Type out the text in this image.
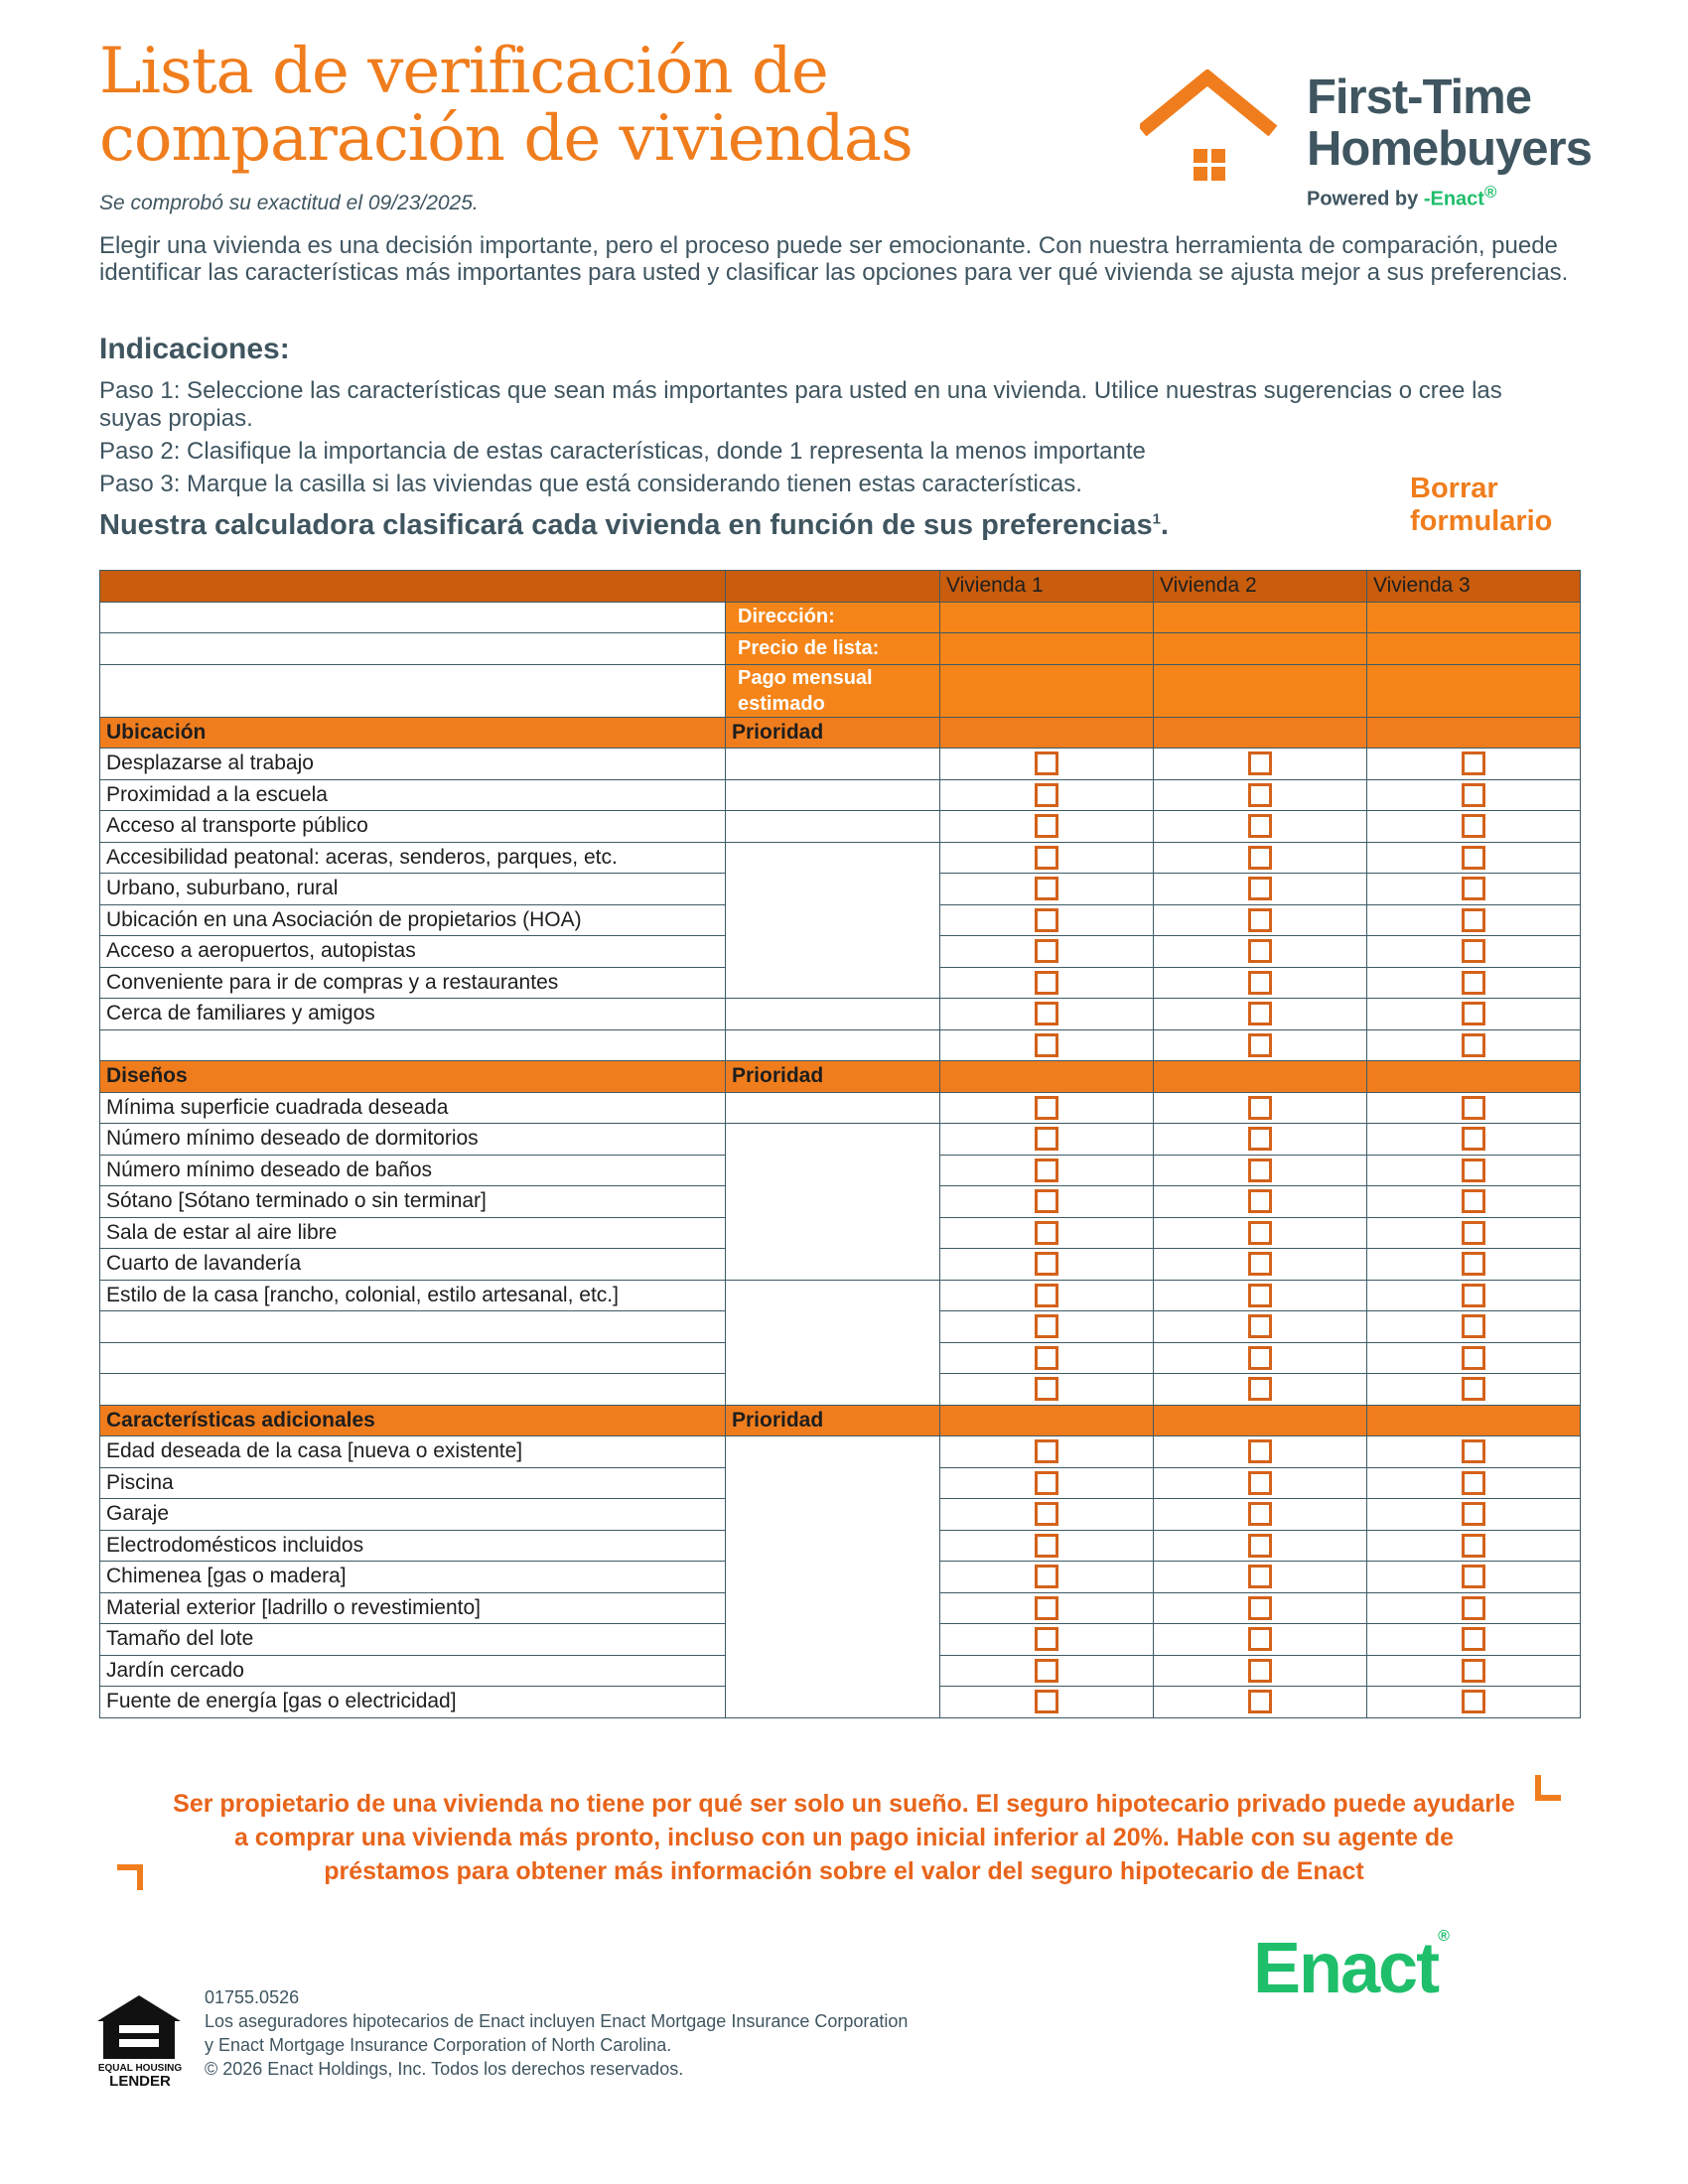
Lista de verificación de
comparación de viviendas
Se comprobó su exactitud el 09/23/2025.

Elegir una vivienda es una decisión importante, pero el proceso puede ser emocionante. Con nuestra herramienta de comparación, puede identificar las características más importantes para usted y clasificar las opciones para ver qué vivienda se ajusta mejor a sus preferencias.

Indicaciones:
Paso 1: Seleccione las características que sean más importantes para usted en una vivienda. Utilice nuestras sugerencias o cree las suyas propias.
Paso 2: Clasifique la importancia de estas características, donde 1 representa la menos importante
Paso 3: Marque la casilla si las viviendas que está considerando tienen estas características.
Nuestra calculadora clasificará cada vivienda en función de sus preferencias$^1$.
Borrar formulario
First-Time
Homebuyers
Powered by -Enact®
		Vivienda 1	Vivienda 2	Vivienda 3
	Dirección:			
	Precio de lista:			
	Pago mensual estimado			
Ubicación	Prioridad			
Desplazarse al trabajo				
Proximidad a la escuela				
Acceso al transporte público				
Accesibilidad peatonal: aceras, senderos, parques, etc.				
Urbano, suburbano, rural				
Ubicación en una Asociación de propietarios (HOA)				
Acceso a aeropuertos, autopistas				
Conveniente para ir de compras y a restaurantes				
Cerca de familiares y amigos				

Diseños	Prioridad			
Mínima superficie cuadrada deseada				
Número mínimo deseado de dormitorios				
Número mínimo deseado de baños				
Sótano [Sótano terminado o sin terminar]				
Sala de estar al aire libre				
Cuarto de lavandería				
Estilo de la casa [rancho, colonial, estilo artesanal, etc.]				

Características adicionales	Prioridad			
Edad deseada de la casa [nueva o existente]				
Piscina				
Garaje				
Electrodomésticos incluidos				
Chimenea [gas o madera]				
Material exterior [ladrillo o revestimiento]				
Tamaño del lote				
Jardín cercado				
Fuente de energía [gas o electricidad]				

Ser propietario de una vivienda no tiene por qué ser solo un sueño. El seguro hipotecario privado puede ayudarle a comprar una vivienda más pronto, incluso con un pago inicial inferior al 20%. Hable con su agente de préstamos para obtener más información sobre el valor del seguro hipotecario de Enact

Enact®
EQUAL HOUSING
LENDER
01755.0526
Los aseguradores hipotecarios de Enact incluyen Enact Mortgage Insurance Corporation
y Enact Mortgage Insurance Corporation of North Carolina.
© 2026 Enact Holdings, Inc. Todos los derechos reservados.
